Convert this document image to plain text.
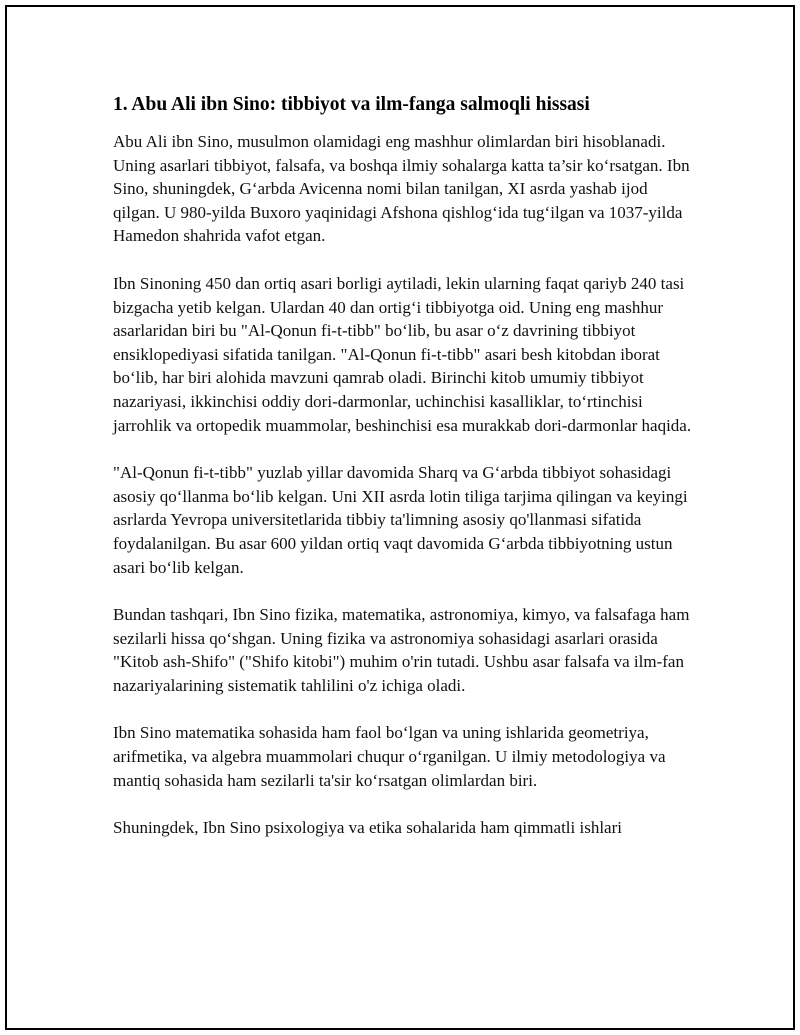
1. Abu Ali ibn Sino: tibbiyot va ilm-fanga salmoqli hissasi

Abu Ali ibn Sino, musulmon olamidagi eng mashhur olimlardan biri hisoblanadi. Uning asarlari tibbiyot, falsafa, va boshqa ilmiy sohalarga katta ta’sir ko‘rsatgan. Ibn Sino, shuningdek, G‘arbda Avicenna nomi bilan tanilgan, XI asrda yashab ijod qilgan. U 980-yilda Buxoro yaqinidagi Afshona qishlog‘ida tug‘ilgan va 1037-yilda Hamedon shahrida vafot etgan.

Ibn Sinoning 450 dan ortiq asari borligi aytiladi, lekin ularning faqat qariyb 240 tasi bizgacha yetib kelgan. Ulardan 40 dan ortig‘i tibbiyotga oid. Uning eng mashhur asarlaridan biri bu "Al-Qonun fi-t-tibb" bo‘lib, bu asar o‘z davrining tibbiyot ensiklopediyasi sifatida tanilgan. "Al-Qonun fi-t-tibb" asari besh kitobdan iborat bo‘lib, har biri alohida mavzuni qamrab oladi. Birinchi kitob umumiy tibbiyot nazariyasi, ikkinchisi oddiy dori-darmonlar, uchinchisi kasalliklar, to‘rtinchisi jarrohlik va ortopedik muammolar, beshinchisi esa murakkab dori-darmonlar haqida.

"Al-Qonun fi-t-tibb" yuzlab yillar davomida Sharq va G‘arbda tibbiyot sohasidagi asosiy qo‘llanma bo‘lib kelgan. Uni XII asrda lotin tiliga tarjima qilingan va keyingi asrlarda Yevropa universitetlarida tibbiy ta'limning asosiy qo'llanmasi sifatida foydalanilgan. Bu asar 600 yildan ortiq vaqt davomida G‘arbda tibbiyotning ustun asari bo‘lib kelgan.

Bundan tashqari, Ibn Sino fizika, matematika, astronomiya, kimyo, va falsafaga ham sezilarli hissa qo‘shgan. Uning fizika va astronomiya sohasidagi asarlari orasida "Kitob ash-Shifo" ("Shifo kitobi") muhim o'rin tutadi. Ushbu asar falsafa va ilm-fan nazariyalarining sistematik tahlilini o'z ichiga oladi.

Ibn Sino matematika sohasida ham faol bo‘lgan va uning ishlarida geometriya, arifmetika, va algebra muammolari chuqur o‘rganilgan. U ilmiy metodologiya va mantiq sohasida ham sezilarli ta'sir ko‘rsatgan olimlardan biri.

Shuningdek, Ibn Sino psixologiya va etika sohalarida ham qimmatli ishlari
